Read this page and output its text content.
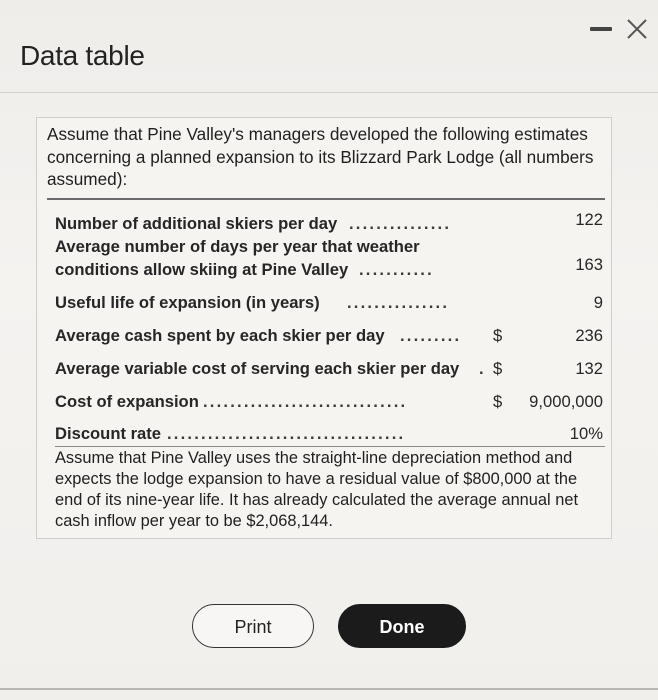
Data table
Assume that Pine Valley's managers developed the following estimates concerning a planned expansion to its Blizzard Park Lodge (all numbers assumed):
Number of additional skiers per day ...............	122
Average number of days per year that weather
conditions allow skiing at Pine Valley ...........	163
Useful life of expansion (in years) ...............	9
Average cash spent by each skier per day .........	$	236
Average variable cost of serving each skier per day . $	132
Cost of expansion ..............................	$ 9,000,000
Discount rate ...................................	10%
Assume that Pine Valley uses the straight-line depreciation method and expects the lodge expansion to have a residual value of $800,000 at the end of its nine-year life. It has already calculated the average annual net cash inflow per year to be $2,068,144.
Print	Done
